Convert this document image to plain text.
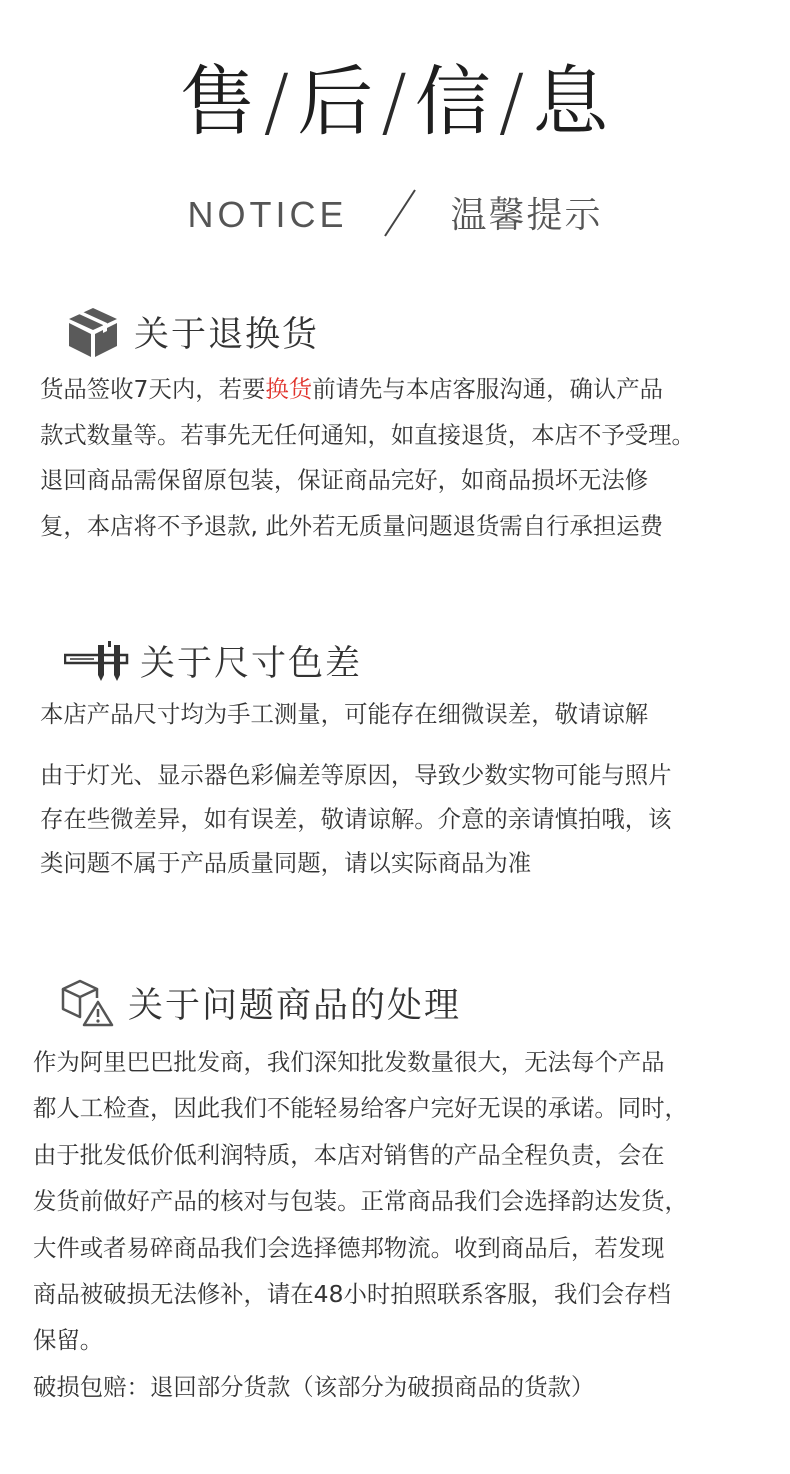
售/后/信/息
NOTICE	温馨提示
关于退换货

货品签收7天内，若要换货前请先与本店客服沟通，确认产品

款式数量等。若事先无任何通知，如直接退货，本店不予受理。

退回商品需保留原包装，保证商品完好，如商品损坏无法修

复，本店将不予退款, 此外若无质量问题退货需自行承担运费

关于尺寸色差

本店产品尺寸均为手工测量，可能存在细微误差，敬请谅解

由于灯光、显示器色彩偏差等原因，导致少数实物可能与照片

存在些微差异，如有误差，敬请谅解。介意的亲请慎拍哦，该

类问题不属于产品质量同题，请以实际商品为准

关于问题商品的处理

作为阿里巴巴批发商，我们深知批发数量很大，无法每个产品

都人工检查，因此我们不能轻易给客户完好无误的承诺。同时，

由于批发低价低利润特质，本店对销售的产品全程负责，会在

发货前做好产品的核对与包装。正常商品我们会选择韵达发货，

大件或者易碎商品我们会选择德邦物流。收到商品后，若发现

商品被破损无法修补，请在48小时拍照联系客服，我们会存档

保留。

破损包赔：退回部分货款（该部分为破损商品的货款）
